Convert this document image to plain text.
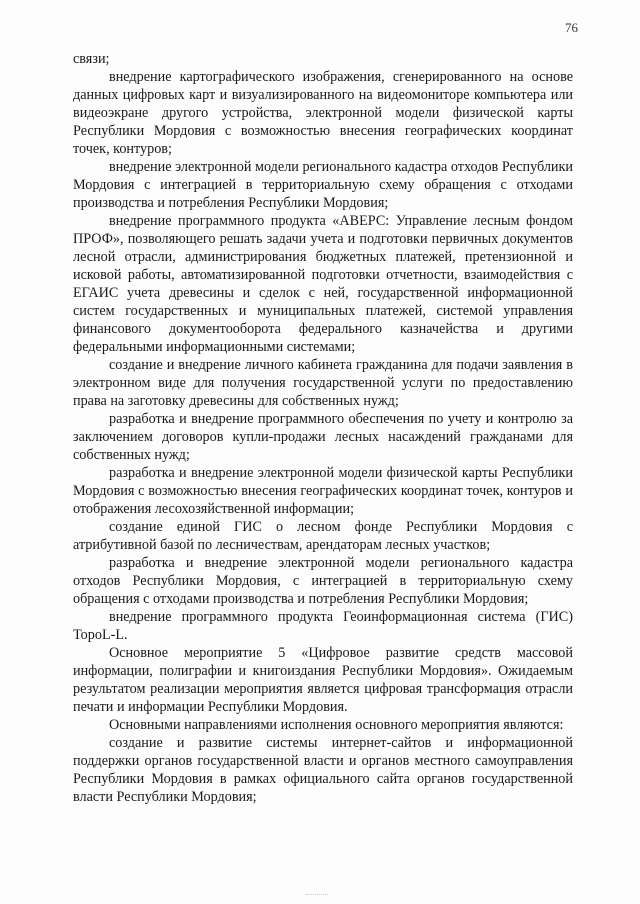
76

связи;

внедрение картографического изображения, сгенерированного на основе данных цифровых карт и визуализированного на видеомониторе компьютера или видеоэкране другого устройства, электронной модели физической карты Республики Мордовия с возможностью внесения географических координат точек, контуров;

внедрение электронной модели регионального кадастра отходов Республики Мордовия с интеграцией в территориальную схему обращения с отходами производства и потребления Республики Мордовия;

внедрение программного продукта «АВЕРС: Управление лесным фондом ПРОФ», позволяющего решать задачи учета и подготовки первичных документов лесной отрасли, администрирования бюджетных платежей, претензионной и исковой работы, автоматизированной подготовки отчетности, взаимодействия с ЕГАИС учета древесины и сделок с ней, государственной информационной систем государственных и муниципальных платежей, системой управления финансового документооборота федерального казначейства и другими федеральными информационными системами;

создание и внедрение личного кабинета гражданина для подачи заявления в электронном виде для получения государственной услуги по предоставлению права на заготовку древесины для собственных нужд;

разработка и внедрение программного обеспечения по учету и контролю за заключением договоров купли-продажи лесных насаждений гражданами для собственных нужд;

разработка и внедрение электронной модели физической карты Республики Мордовия с возможностью внесения географических координат точек, контуров и отображения лесохозяйственной информации;

создание единой ГИС о лесном фонде Республики Мордовия с атрибутивной базой по лесничествам, арендаторам лесных участков;

разработка и внедрение электронной модели регионального кадастра отходов Республики Мордовия, с интеграцией в территориальную схему обращения с отходами производства и потребления Республики Мордовия;

внедрение программного продукта Геоинформационная система (ГИС) TopoL-L.

Основное мероприятие 5 «Цифровое развитие средств массовой информации, полиграфии и книгоиздания Республики Мордовия». Ожидаемым результатом реализации мероприятия является цифровая трансформация отрасли печати и информации Республики Мордовия.

Основными направлениями исполнения основного мероприятия являются:

создание и развитие системы интернет-сайтов и информационной поддержки органов государственной власти и органов местного самоуправления Республики Мордовия в рамках официального сайта органов государственной власти Республики Мордовия;
